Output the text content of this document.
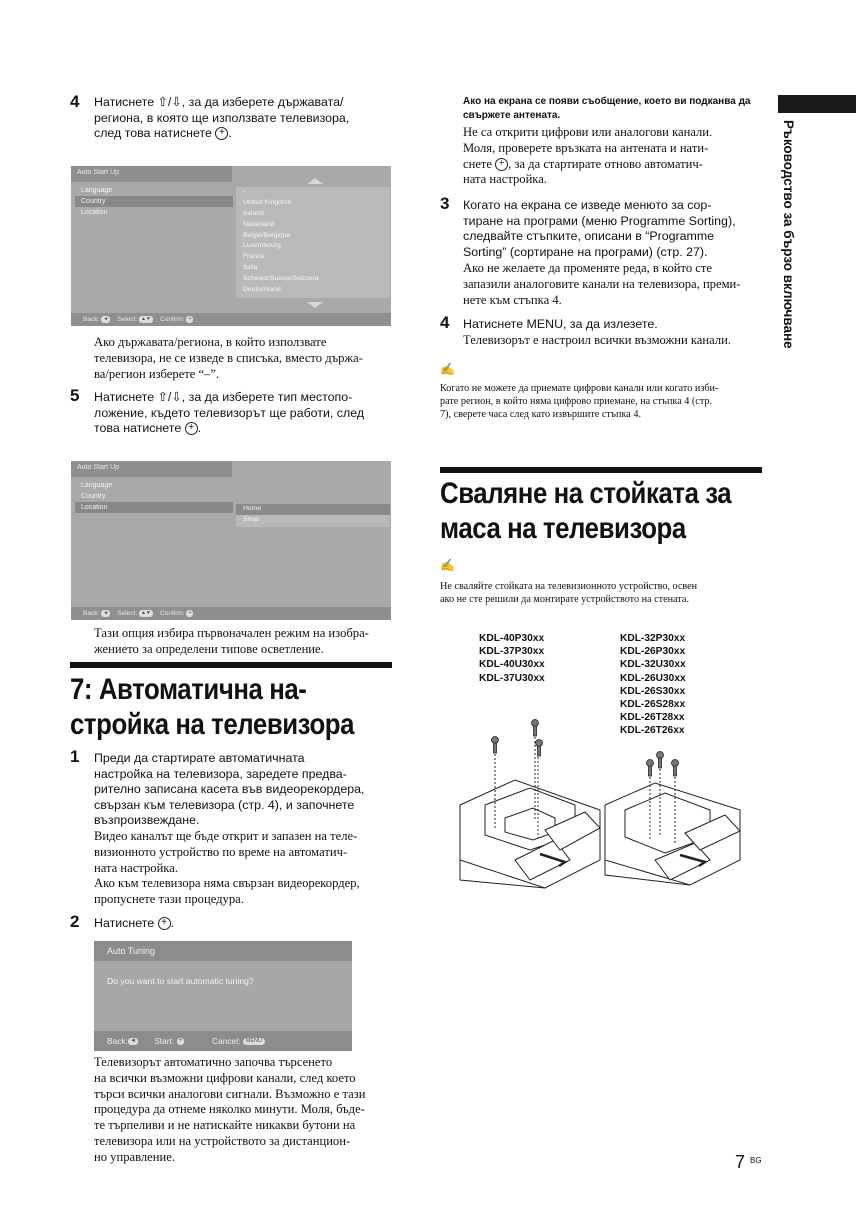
4 Натиснете ⇧/⇩, за да изберете държавата/
региона, в която ще използвате телевизора,
след това натиснете + .
Auto Start Up
Language
Country
Location
-
United Kingdom
Ireland
Nederland
België/Belgique
Luxembourg
France
Italia
Schweiz/Suisse/Svizzera
Deutschland
Back: ◄ Select: ▲▼ Confirm: +
Ако държавата/региона, в който използвате
телевизора, не се изведе в списъка, вместо държа-
ва/регион изберете “–”.
5 Натиснете ⇧/⇩, за да изберете тип местопо-
ложение, където телевизорът ще работи, след
това натиснете + .
Auto Start Up
Language
Country
Location	Home
Shop
Back: ◄ Select: ▲▼ Confirm: +
Тази опция избира първоначален режим на изобра-
жението за определени типове осветление.
7: Автоматична на-
стройка на телевизора
1 Преди да стартирате автоматичната
настройка на телевизора, заредете предва-
рително записана касета във видеорекордера,
свързан към телевизора (стр. 4), и започнете
възпроизвеждане.
Видео каналът ще бъде открит и запазен на теле-
визионното устройство по време на автоматич-
ната настройка.
Ако към телевизора няма свързан видеорекордер,
пропуснете тази процедура.
2 Натиснете + .
Auto Tuning
Do you want to start automatic tuning?
Back: ◄ Start: +	Cancel: MENU
Телевизорът автоматично започва търсенето
на всички възможни цифрови канали, след което
търси всички аналогови сигнали. Възможно е тази
процедура да отнеме няколко минути. Моля, бъде-
те търпеливи и не натискайте никакви бутони на
телевизора или на устройството за дистанцион-
но управление.
Ако на екрана се появи съобщение, което ви подканва да
свържете антената.
Не са открити цифрови или аналогови канали.
Моля, проверете връзката на антената и нати-
снете + , за да стартирате отново автоматич-
ната настройка.
3 Когато на екрана се изведе менюто за сор-
тиране на програми (меню Programme Sorting),
следвайте стъпките, описани в “Programme
Sorting” (сортиране на програми) (стр. 27).
Ако не желаете да променяте реда, в който сте
запазили аналоговите канали на телевизора, преми-
нете към стъпка 4.
4 Натиснете MENU, за да излезете.
Телевизорът е настроил всички възможни канали.
✍
Когато не можете да приемате цифрови канали или когато изби-
рате регион, в който няма цифрово приемане, на стъпка 4 (стр.
7), сверете часа след като извършите стъпка 4.
Сваляне на стойката за
маса на телевизора
✍
Не сваляйте стойката на телевизионното устройство, освен
ако не сте решили да монтирате устройството на стената.
KDL-40P30xx
KDL-37P30xx
KDL-40U30xx
KDL-37U30xx
KDL-32P30xx
KDL-26P30xx
KDL-32U30xx
KDL-26U30xx
KDL-26S30xx
KDL-26S28xx
KDL-26T28xx
KDL-26T26xx
Ръководство за бързо включване
7 $^{BG}$
